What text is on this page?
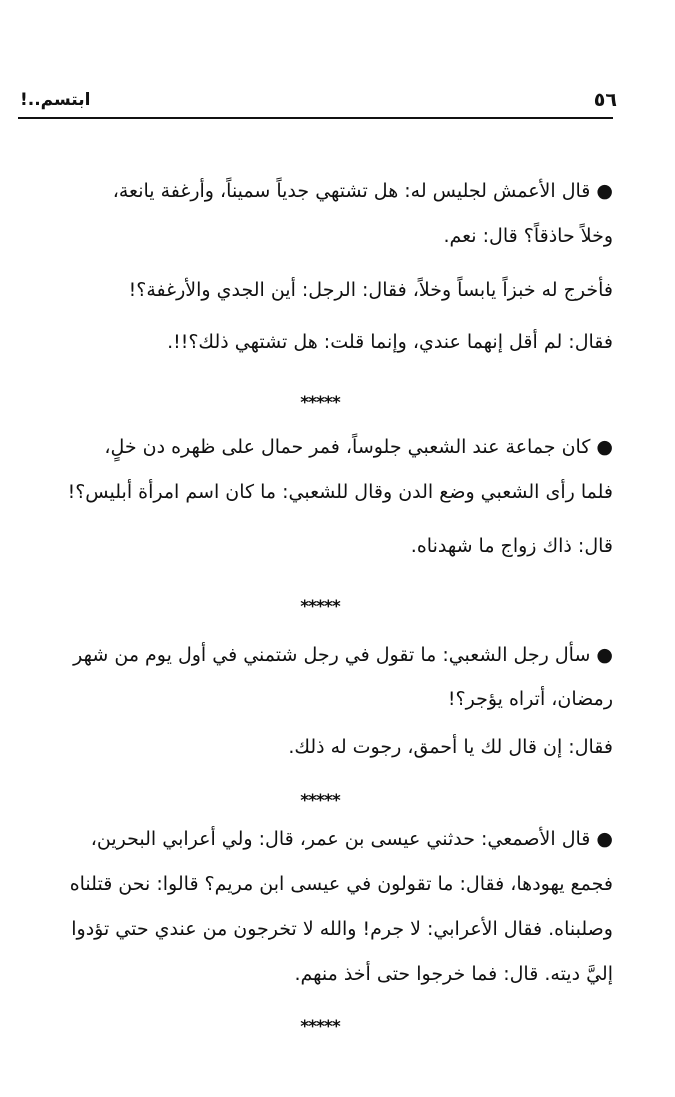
ابتسم..!	٥٦
● قال الأعمش لجليس له: هل تشتهي جدياً سميناً، وأرغفة يانعة،
وخلاً حاذقاً؟ قال: نعم.
فأخرج له خبزاً يابساً وخلاً، فقال: الرجل: أين الجدي والأرغفة؟!
فقال: لم أقل إنهما عندي، وإنما قلت: هل تشتهي ذلك؟!!.
*****
● كان جماعة عند الشعبي جلوساً، فمر حمال على ظهره دن خلٍ،
فلما رأى الشعبي وضع الدن وقال للشعبي: ما كان اسم امرأة أبليس؟!
قال: ذاك زواج ما شهدناه.
*****
● سأل رجل الشعبي: ما تقول في رجل شتمني في أول يوم من شهر
رمضان، أتراه يؤجر؟!
فقال: إن قال لك يا أحمق، رجوت له ذلك.
*****
● قال الأصمعي: حدثني عيسى بن عمر، قال: ولي أعرابي البحرين،
فجمع يهودها، فقال: ما تقولون في عيسى ابن مريم؟ قالوا: نحن قتلناه
وصلبناه. فقال الأعرابي: لا جرم! والله لا تخرجون من عندي حتي تؤدوا
إليَّ ديته. قال: فما خرجوا حتى أخذ منهم.
*****
